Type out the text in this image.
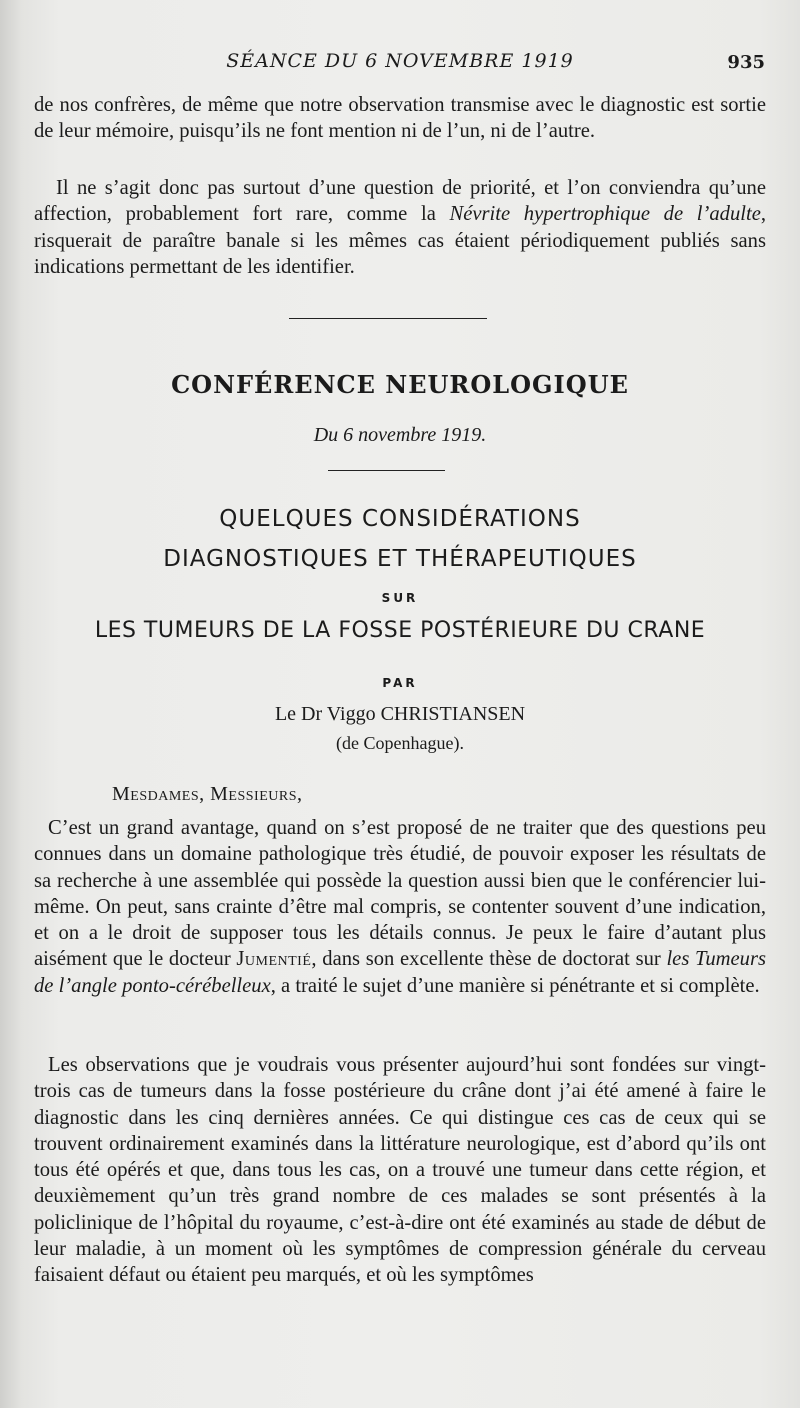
SÉANCE DU 6 NOVEMBRE 1919	935

de nos confrères, de même que notre observation transmise avec le diagnostic est sortie de leur mémoire, puisqu’ils ne font mention ni de l’un, ni de l’autre.

Il ne s’agit donc pas surtout d’une question de priorité, et l’on conviendra qu’une affection, probablement fort rare, comme la Névrite hypertrophique de l’adulte, risquerait de paraître banale si les mêmes cas étaient périodiquement publiés sans indications permettant de les identifier.

CONFÉRENCE NEUROLOGIQUE
Du 6 novembre 1919.
QUELQUES CONSIDÉRATIONS
DIAGNOSTIQUES ET THÉRAPEUTIQUES
SUR
LES TUMEURS DE LA FOSSE POSTÉRIEURE DU CRANE
PAR
Le Dr Viggo CHRISTIANSEN
(de Copenhague).
Mesdames, Messieurs,

C’est un grand avantage, quand on s’est proposé de ne traiter que des questions peu connues dans un domaine pathologique très étudié, de pouvoir exposer les résultats de sa recherche à une assemblée qui possède la question aussi bien que le conférencier lui-même. On peut, sans crainte d’être mal compris, se contenter souvent d’une indication, et on a le droit de supposer tous les détails connus. Je peux le faire d’autant plus aisément que le docteur Jumentié, dans son excellente thèse de doctorat sur les Tumeurs de l’angle ponto-cérébelleux, a traité le sujet d’une manière si pénétrante et si complète.

Les observations que je voudrais vous présenter aujourd’hui sont fondées sur vingt-trois cas de tumeurs dans la fosse postérieure du crâne dont j’ai été amené à faire le diagnostic dans les cinq dernières années. Ce qui distingue ces cas de ceux qui se trouvent ordinairement examinés dans la littérature neurologique, est d’abord qu’ils ont tous été opérés et que, dans tous les cas, on a trouvé une tumeur dans cette région, et deuxièmement qu’un très grand nombre de ces malades se sont présentés à la policlinique de l’hôpital du royaume, c’est-à-dire ont été examinés au stade de début de leur maladie, à un moment où les symptômes de compression générale du cerveau faisaient défaut ou étaient peu marqués, et où les symptômes
